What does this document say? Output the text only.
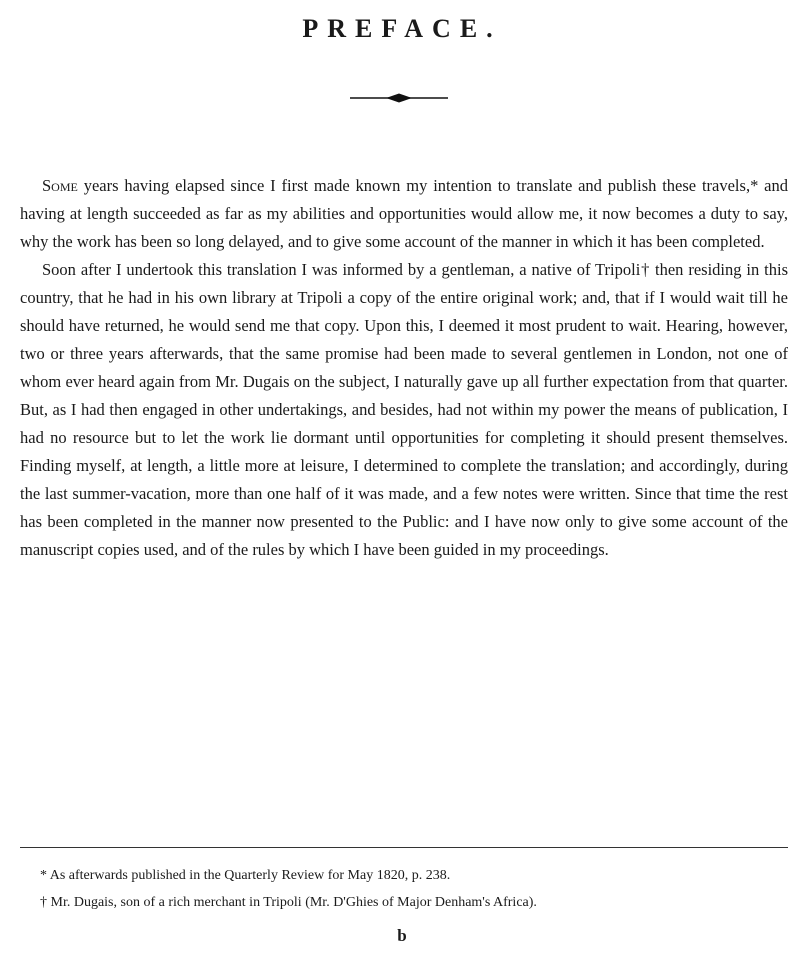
PREFACE.

Some years having elapsed since I first made known my intention to translate and publish these travels,* and having at length succeeded as far as my abilities and opportunities would allow me, it now becomes a duty to say, why the work has been so long delayed, and to give some account of the manner in which it has been completed.

Soon after I undertook this translation I was informed by a gentleman, a native of Tripoli† then residing in this country, that he had in his own library at Tripoli a copy of the entire original work; and, that if I would wait till he should have returned, he would send me that copy. Upon this, I deemed it most prudent to wait. Hearing, however, two or three years afterwards, that the same promise had been made to several gentlemen in London, not one of whom ever heard again from Mr. Dugais on the subject, I naturally gave up all further expectation from that quarter. But, as I had then engaged in other undertakings, and besides, had not within my power the means of publication, I had no resource but to let the work lie dormant until opportunities for completing it should present themselves. Finding myself, at length, a little more at leisure, I determined to complete the translation; and accordingly, during the last summer-vacation, more than one half of it was made, and a few notes were written. Since that time the rest has been completed in the manner now presented to the Public: and I have now only to give some account of the manuscript copies used, and of the rules by which I have been guided in my proceedings.

* As afterwards published in the Quarterly Review for May 1820, p. 238.

† Mr. Dugais, son of a rich merchant in Tripoli (Mr. D'Ghies of Major Denham's Africa).

b
